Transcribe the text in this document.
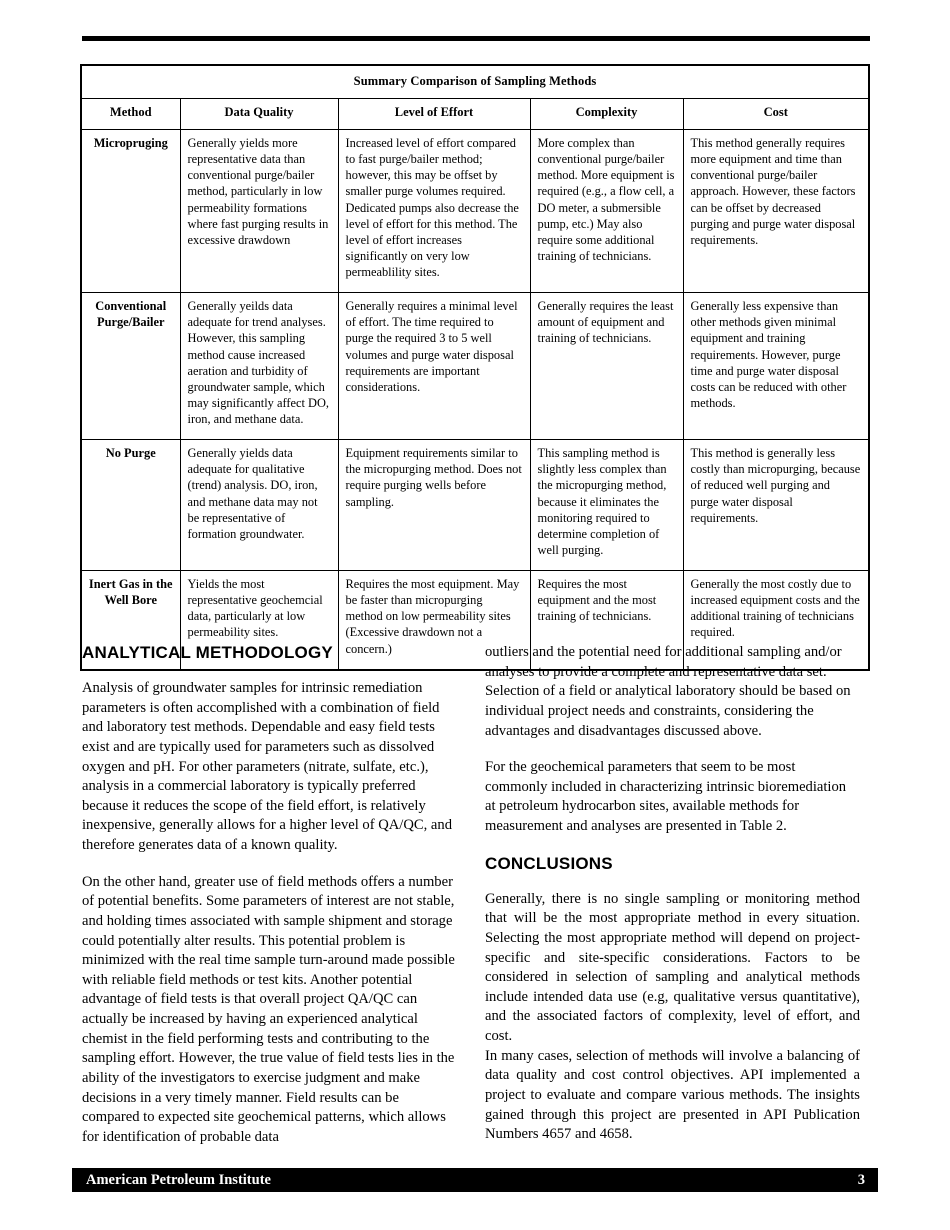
Summary Comparison of Sampling Methods
Method	Data Quality	Level of Effort	Complexity	Cost
Micropruging	Generally yields more representative data than conventional purge/bailer method, particularly in low permeability formations where fast purging results in excessive drawdown	Increased level of effort compared to fast purge/bailer method; however, this may be offset by smaller purge volumes required. Dedicated pumps also decrease the level of effort for this method. The level of effort increases significantly on very low permeablility sites.	More complex than conventional purge/bailer method. More equipment is required (e.g., a flow cell, a DO meter, a submersible pump, etc.) May also require some additional training of technicians.	This method generally requires more equipment and time than conventional purge/bailer approach. However, these factors can be offset by decreased purging and purge water disposal requirements.
Conventional Purge/Bailer	Generally yeilds data adequate for trend analyses. However, this sampling method cause increased aeration and turbidity of groundwater sample, which may significantly affect DO, iron, and methane data.	Generally requires a minimal level of effort. The time required to purge the required 3 to 5 well volumes and purge water disposal requirements are important considerations.	Generally requires the least amount of equipment and training of technicians.	Generally less expensive than other methods given minimal equipment and training requirements. However, purge time and purge water disposal costs can be reduced with other methods.
No Purge	Generally yields data adequate for qualitative (trend) analysis. DO, iron, and methane data may not be representative of formation groundwater.	Equipment requirements similar to the micropurging method. Does not require purging wells before sampling.	This sampling method is slightly less complex than the micropurging method, because it eliminates the monitoring required to determine completion of well purging.	This method is generally less costly than micropurging, because of reduced well purging and purge water disposal requirements.
Inert Gas in the Well Bore	Yields the most representative geochemcial data, particularly at low permeability sites.	Requires the most equipment. May be faster than micropurging method on low permeability sites (Excessive drawdown not a concern.)	Requires the most equipment and the most training of technicians.	Generally the most costly due to increased equipment costs and the additional training of technicians required.
ANALYTICAL METHODOLOGY

Analysis of groundwater samples for intrinsic remediation parameters is often accomplished with a combination of field and laboratory test methods. Dependable and easy field tests exist and are typically used for parameters such as dissolved oxygen and pH. For other parameters (nitrate, sulfate, etc.), analysis in a commercial laboratory is typically preferred because it reduces the scope of the field effort, is relatively inexpensive, generally allows for a higher level of QA/QC, and therefore generates data of a known quality.

On the other hand, greater use of field methods offers a number of potential benefits. Some parameters of interest are not stable, and holding times associated with sample shipment and storage could potentially alter results. This potential problem is minimized with the real time sample turn-around made possible with reliable field methods or test kits. Another potential advantage of field tests is that overall project QA/QC can actually be increased by having an experienced analytical chemist in the field performing tests and contributing to the sampling effort. However, the true value of field tests lies in the ability of the investigators to exercise judgment and make decisions in a very timely manner. Field results can be compared to expected site geochemical patterns, which allows for identification of probable data

outliers and the potential need for additional sampling and/or analyses to provide a complete and representative data set. Selection of a field or analytical laboratory should be based on individual project needs and constraints, considering the advantages and disadvantages discussed above.

For the geochemical parameters that seem to be most commonly included in characterizing intrinsic bioremediation at petroleum hydrocarbon sites, available methods for measurement and analyses are presented in Table 2.

CONCLUSIONS

Generally, there is no single sampling or monitoring method that will be the most appropriate method in every situation. Selecting the most appropriate method will depend on project-specific and site-specific considerations. Factors to be considered in selection of sampling and analytical methods include intended data use (e.g, qualitative versus quantitative), and the associated factors of complexity, level of effort, and cost.

In many cases, selection of methods will involve a balancing of data quality and cost control objectives. API implemented a project to evaluate and compare various methods. The insights gained through this project are presented in API Publication Numbers 4657 and 4658.

American Petroleum Institute	3
